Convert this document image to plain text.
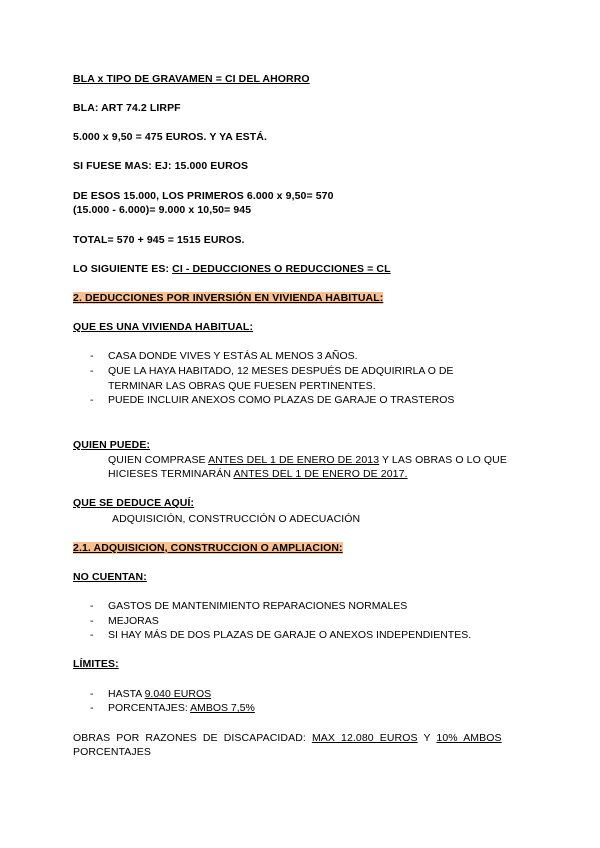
BLA x TIPO DE GRAVAMEN = CI DEL AHORRO
BLA: ART 74.2 LIRPF
5.000 x 9,50 = 475 EUROS. Y YA ESTÁ.
SI FUESE MAS: EJ: 15.000 EUROS
DE ESOS 15.000, LOS PRIMEROS 6.000 x 9,50= 570
(15.000 - 6.000)= 9.000 x 10,50= 945
TOTAL= 570 + 945 = 1515 EUROS.
LO SIGUIENTE ES: CI - DEDUCCIONES O REDUCCIONES = CL
2. DEDUCCIONES POR INVERSIÓN EN VIVIENDA HABITUAL:
QUE ES UNA VIVIENDA HABITUAL:
- CASA DONDE VIVES Y ESTÁS AL MENOS 3 AÑOS.
- QUE LA HAYA HABITADO, 12 MESES DESPUÉS DE ADQUIRIRLA O DE
TERMINAR LAS OBRAS QUE FUESEN PERTINENTES.
- PUEDE INCLUIR ANEXOS COMO PLAZAS DE GARAJE O TRASTEROS
QUIEN PUEDE:
QUIEN COMPRASE ANTES DEL 1 DE ENERO DE 2013 Y LAS OBRAS O LO QUE
HICIESES TERMINARÁN ANTES DEL 1 DE ENERO DE 2017.
QUE SE DEDUCE AQUÍ:
ADQUISICIÓN, CONSTRUCCIÓN O ADECUACIÓN
2.1. ADQUISICION, CONSTRUCCION O AMPLIACION:
NO CUENTAN:
- GASTOS DE MANTENIMIENTO REPARACIONES NORMALES
- MEJORAS
- SI HAY MÁS DE DOS PLAZAS DE GARAJE O ANEXOS INDEPENDIENTES.
LÍMITES:
- HASTA 9.040 EUROS
- PORCENTAJES: AMBOS 7,5%
OBRAS  POR  RAZONES  DE  DISCAPACIDAD:  MAX  12.080  EUROS  Y  10%  AMBOS
PORCENTAJES
